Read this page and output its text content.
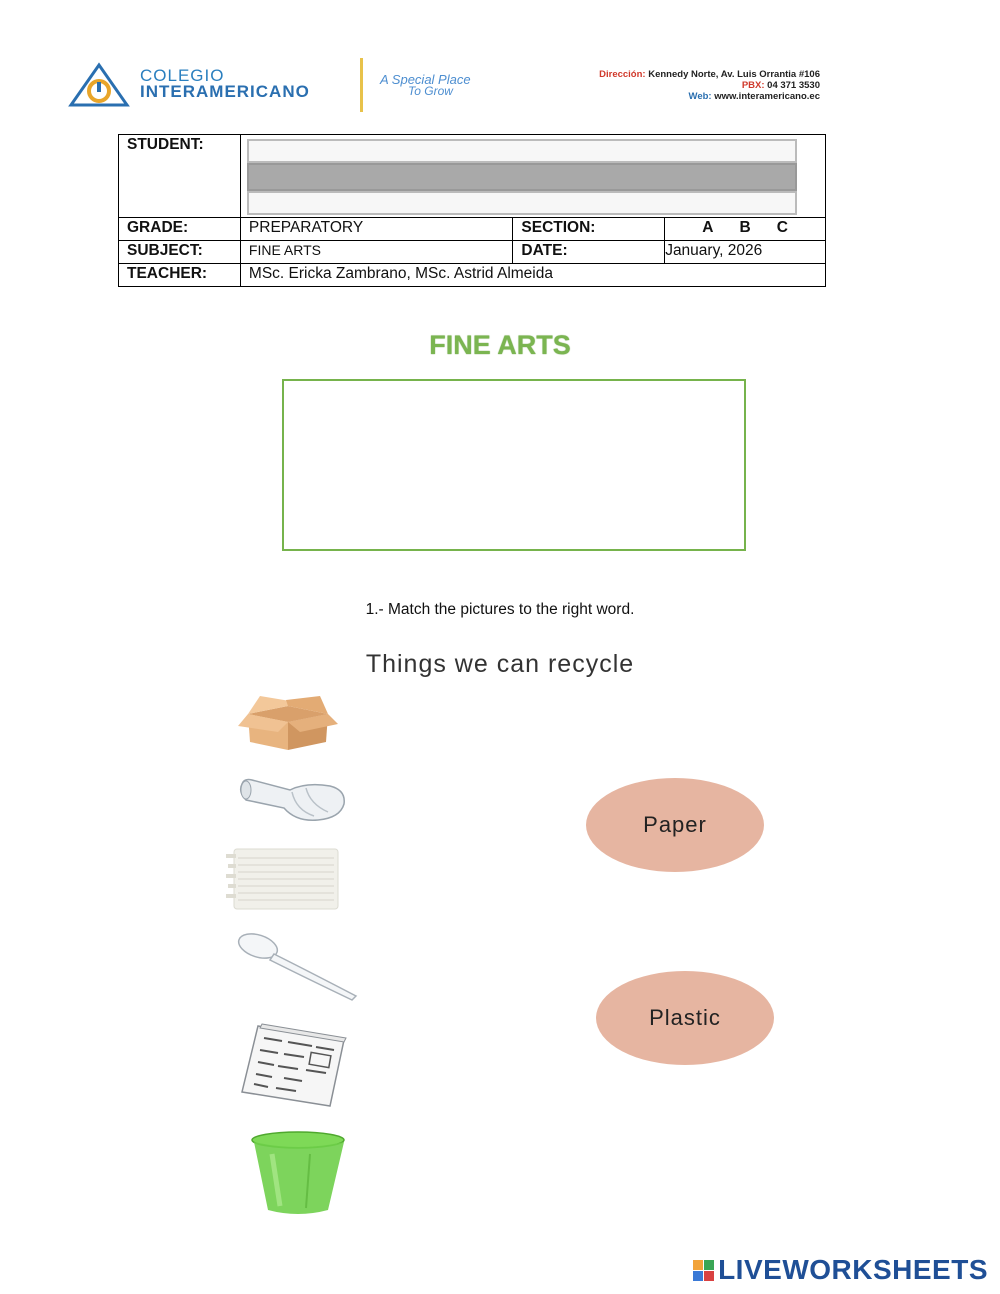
COLEGIO
INTERAMERICANO
A Special Place
To Grow
Dirección: Kennedy Norte, Av. Luis Orrantia #106
PBX: 04 371 3530
Web: www.interamericano.ec
STUDENT:			

GRADE:	PREPARATORY	SECTION:	A B C

SUBJECT:	FINE ARTS	DATE:	January, 2026
TEACHER:	MSc. Ericka Zambrano, MSc. Astrid Almeida		
FINE ARTS
1.- Match the pictures to the right word.
Things we can recycle
Paper
Plastic
LIVEWORKSHEETS
